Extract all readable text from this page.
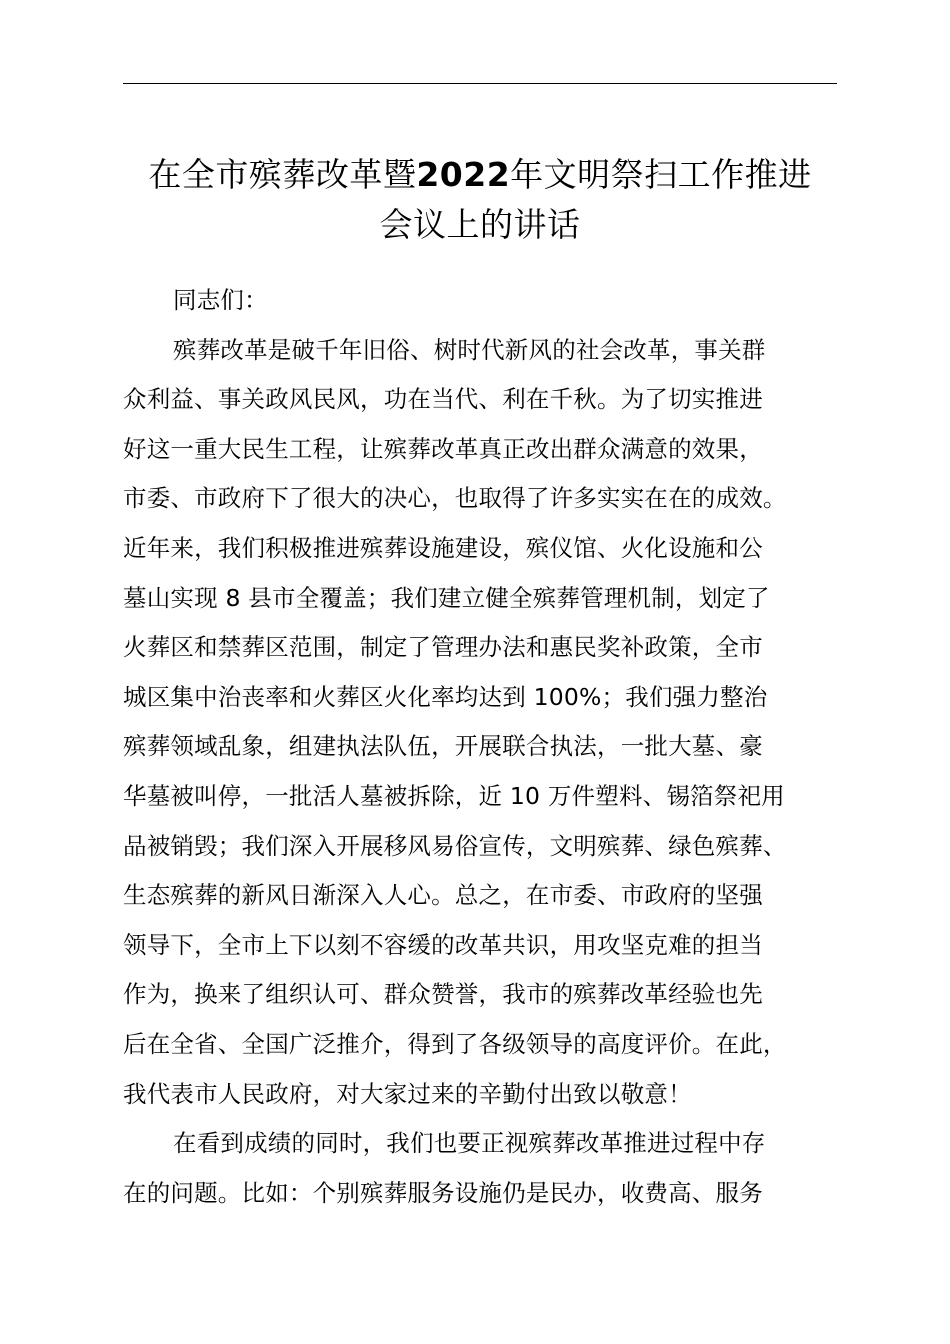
在全市殡葬改革暨2022年文明祭扫工作推进
会议上的讲话
同志们：
殡葬改革是破千年旧俗、树时代新风的社会改革，事关群
众利益、事关政风民风，功在当代、利在千秋。为了切实推进
好这一重大民生工程，让殡葬改革真正改出群众满意的效果，
市委、市政府下了很大的决心，也取得了许多实实在在的成效。
近年来，我们积极推进殡葬设施建设，殡仪馆、火化设施和公
墓山实现 8 县市全覆盖；我们建立健全殡葬管理机制，划定了
火葬区和禁葬区范围，制定了管理办法和惠民奖补政策，全市
城区集中治丧率和火葬区火化率均达到 100%；我们强力整治
殡葬领域乱象，组建执法队伍，开展联合执法，一批大墓、豪
华墓被叫停，一批活人墓被拆除，近 10 万件塑料、锡箔祭祀用
品被销毁；我们深入开展移风易俗宣传，文明殡葬、绿色殡葬、
生态殡葬的新风日渐深入人心。总之，在市委、市政府的坚强
领导下，全市上下以刻不容缓的改革共识，用攻坚克难的担当
作为，换来了组织认可、群众赞誉，我市的殡葬改革经验也先
后在全省、全国广泛推介，得到了各级领导的高度评价。在此，
我代表市人民政府，对大家过来的辛勤付出致以敬意！
在看到成绩的同时，我们也要正视殡葬改革推进过程中存
在的问题。比如：个别殡葬服务设施仍是民办，收费高、服务
